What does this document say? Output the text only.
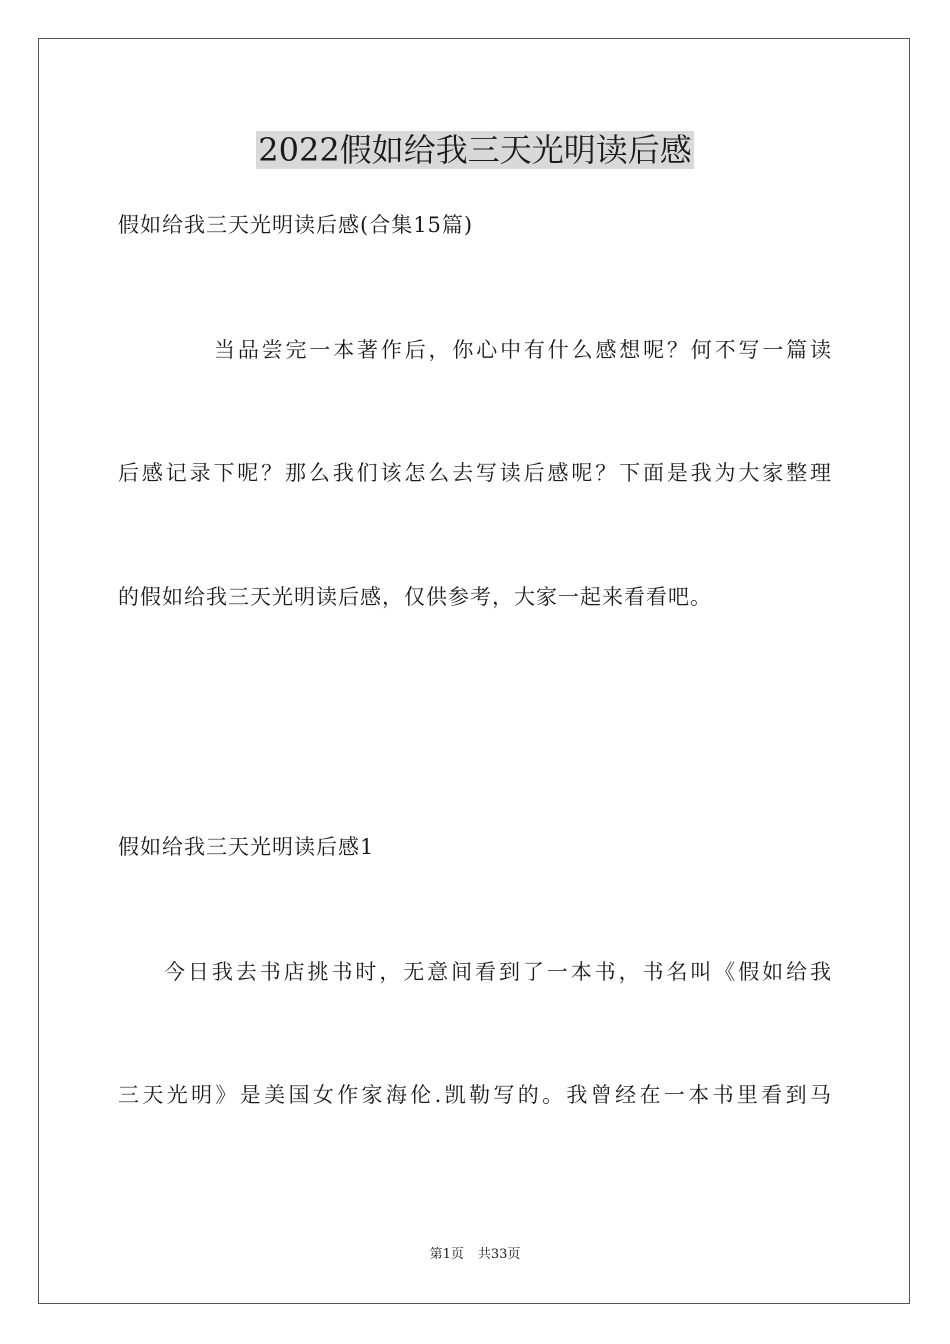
2022假如给我三天光明读后感

假如给我三天光明读后感(合集15篇)

当品尝完一本著作后，你心中有什么感想呢？何不写一篇读

后感记录下呢？那么我们该怎么去写读后感呢？下面是我为大家整理

的假如给我三天光明读后感，仅供参考，大家一起来看看吧。

假如给我三天光明读后感1

今日我去书店挑书时，无意间看到了一本书，书名叫《假如给我

三天光明》是美国女作家海伦.凯勒写的。我曾经在一本书里看到马

第1页 共33页
